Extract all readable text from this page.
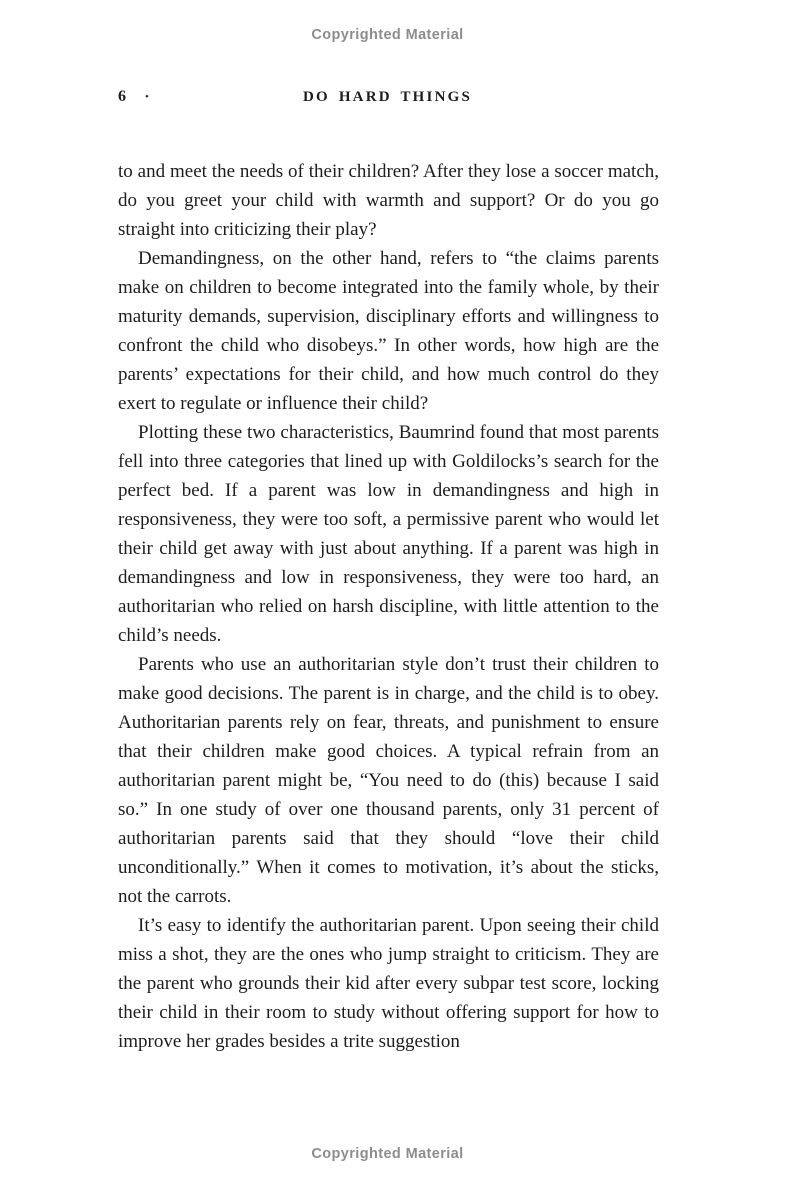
Copyrighted Material
6 •	DO HARD THINGS

to and meet the needs of their children? After they lose a soccer match, do you greet your child with warmth and support? Or do you go straight into criticizing their play?

Demandingness, on the other hand, refers to “the claims parents make on children to become integrated into the family whole, by their maturity demands, supervision, disciplinary efforts and willingness to confront the child who disobeys.” In other words, how high are the parents’ expectations for their child, and how much control do they exert to regulate or influence their child?

Plotting these two characteristics, Baumrind found that most parents fell into three categories that lined up with Goldilocks’s search for the perfect bed. If a parent was low in demandingness and high in responsiveness, they were too soft, a permissive parent who would let their child get away with just about anything. If a parent was high in demandingness and low in responsiveness, they were too hard, an authoritarian who relied on harsh discipline, with little attention to the child’s needs.

Parents who use an authoritarian style don’t trust their children to make good decisions. The parent is in charge, and the child is to obey. Authoritarian parents rely on fear, threats, and punishment to ensure that their children make good choices. A typical refrain from an authoritarian parent might be, “You need to do (this) because I said so.” In one study of over one thousand parents, only 31 percent of authoritarian parents said that they should “love their child unconditionally.” When it comes to motivation, it’s about the sticks, not the carrots.

It’s easy to identify the authoritarian parent. Upon seeing their child miss a shot, they are the ones who jump straight to criticism. They are the parent who grounds their kid after every subpar test score, locking their child in their room to study without offering support for how to improve her grades besides a trite suggestion

Copyrighted Material
